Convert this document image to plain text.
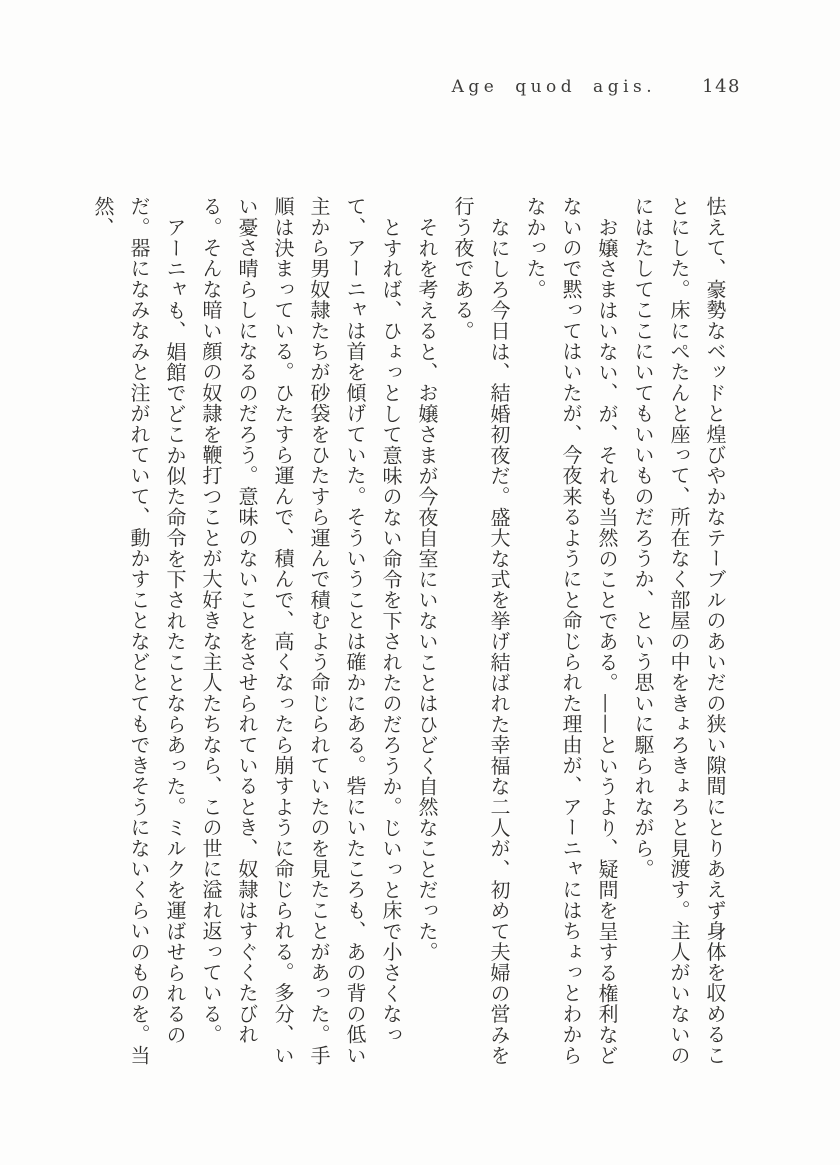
Age quod agis.	148

怯えて、豪勢なベッドと煌びやかなテーブルのあいだの狭い隙間にとりあえず身体を収めることにした。床にぺたんと座って、所在なく部屋の中をきょろきょろと見渡す。主人がいないのにはたしてここにいてもいいものだろうか、という思いに駆られながら。

お嬢さまはいない、が、それも当然のことである。——というより、疑問を呈する権利などないので黙ってはいたが、今夜来るようにと命じられた理由が、アーニャにはちょっとわからなかった。

なにしろ今日は、結婚初夜だ。盛大な式を挙げ結ばれた幸福な二人が、初めて夫婦の営みを行う夜である。

それを考えると、お嬢さまが今夜自室にいないことはひどく自然なことだった。

とすれば、ひょっとして意味のない命令を下されたのだろうか。じいっと床で小さくなって、アーニャは首を傾げていた。そういうことは確かにある。砦にいたころも、あの背の低い主から男奴隷たちが砂袋をひたすら運んで積むよう命じられていたのを見たことがあった。手順は決まっている。ひたすら運んで、積んで、高くなったら崩すように命じられる。多分、いい憂さ晴らしになるのだろう。意味のないことをさせられているとき、奴隷はすぐくたびれる。そんな暗い顔の奴隷を鞭打つことが大好きな主人たちなら、この世に溢れ返っている。

アーニャも、娼館でどこか似た命令を下されたことならあった。ミルクを運ばせられるのだ。器になみなみと注がれていて、動かすことなどとてもできそうにないくらいのものを。当然、
